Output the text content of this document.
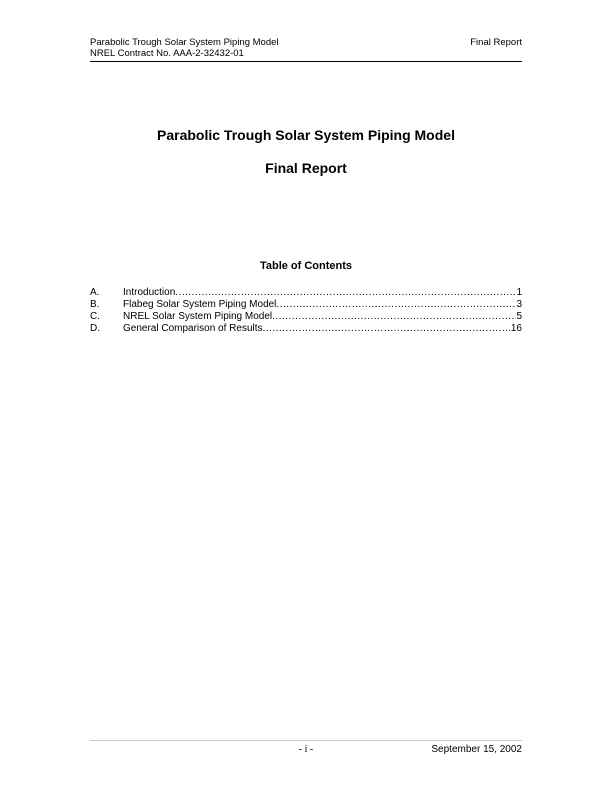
Parabolic Trough Solar System Piping Model	Final Report
NREL Contract No. AAA-2-32432-01
Parabolic Trough Solar System Piping Model
Final Report
Table of Contents
A.	Introduction .....	1
B.	Flabeg Solar System Piping Model .....	3
C.	NREL Solar System Piping Model .....	5
D.	General Comparison of Results .....	16
- i -	September 15, 2002
